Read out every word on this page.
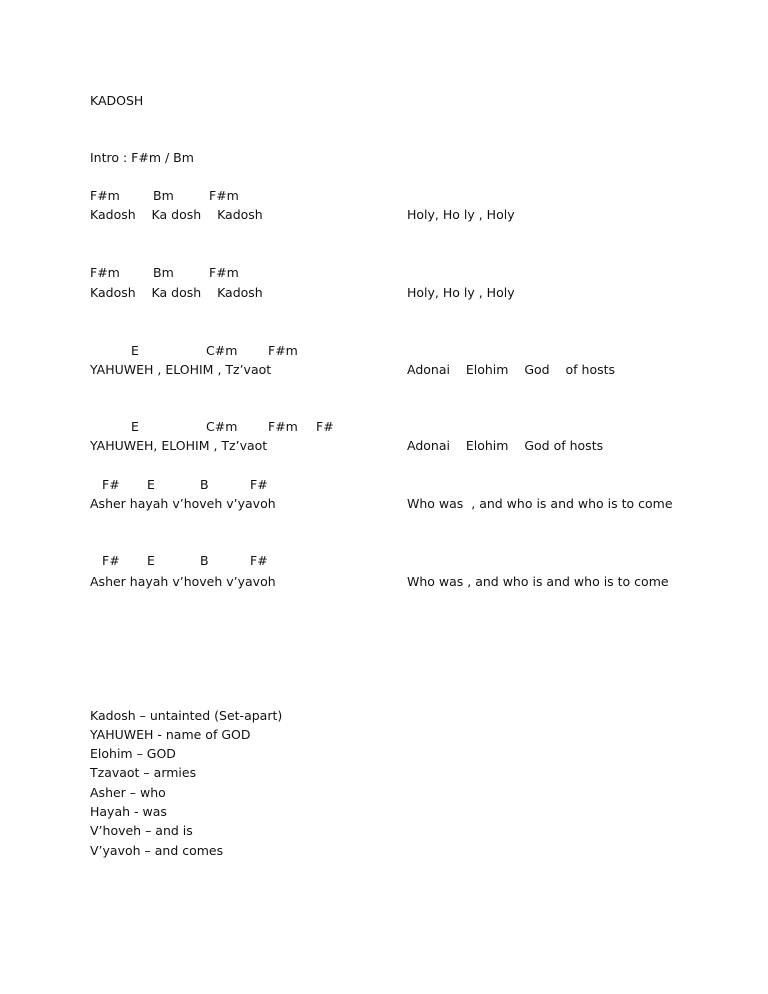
KADOSH
Intro : F#m / Bm
F#m	Bm	F#m
Kadosh    Ka dosh    Kadosh	Holy, Ho ly , Holy
F#m	Bm	F#m
Kadosh    Ka dosh    Kadosh	Holy, Ho ly , Holy
E	C#m F#m
YAHUWEH , ELOHIM , Tz’vaot	Adonai    Elohim    God    of hosts
E	C#m F#m F#
YAHUWEH, ELOHIM , Tz’vaot	Adonai    Elohim    God of hosts
F# E	B	F#
Asher hayah v’hoveh v’yavoh	Who was  , and who is and who is to come
F# E	B	F#
Asher hayah v’hoveh v’yavoh	Who was , and who is and who is to come
Kadosh – untainted (Set-apart)
YAHUWEH - name of GOD
Elohim – GOD
Tzavaot – armies
Asher – who
Hayah - was
V’hoveh – and is
V’yavoh – and comes
